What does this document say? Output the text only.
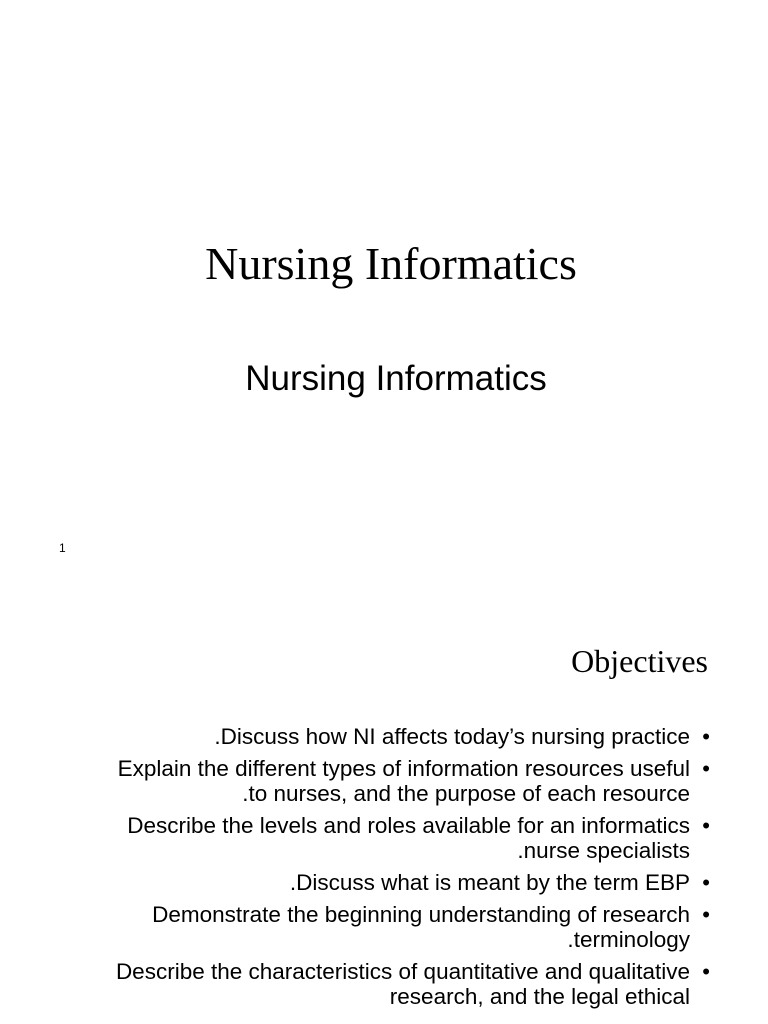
Nursing Informatics
Nursing Informatics
1
Objectives
•
Discuss how NI affects today’s nursing practice.
•
Explain the different types of information resources useful to nurses, and the purpose of each resource.
•
Describe the levels and roles available for an informatics nurse specialists.
•
Discuss what is meant by the term EBP.
•
Demonstrate the beginning understanding of research terminology.
•
Describe the characteristics of quantitative and qualitative research, and the legal ethical
